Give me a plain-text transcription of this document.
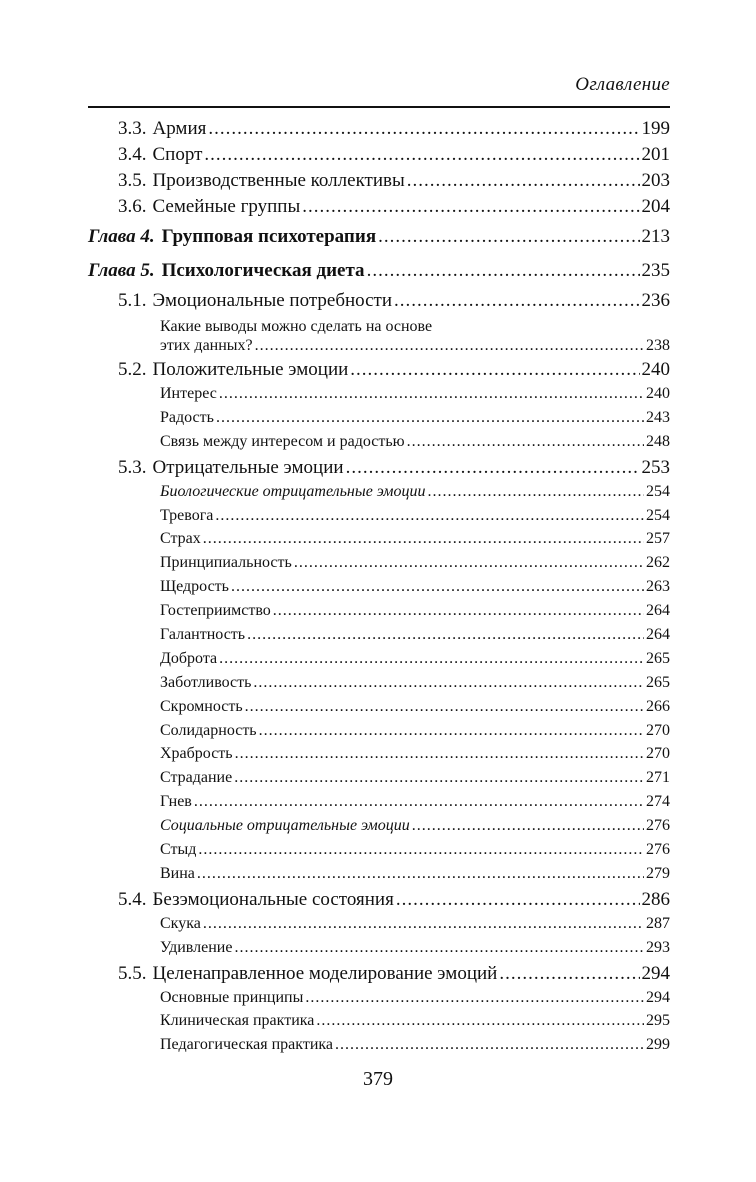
Оглавление
3.3. Армия .....	199
3.4. Спорт .....	201
3.5. Производственные коллективы .....	203
3.6. Семейные группы .....	204
Глава 4. Групповая психотерапия .....	213
Глава 5. Психологическая диета .....	235
5.1. Эмоциональные потребности .....	236
Какие выводы можно сделать на основе
этих данных? .....	238
5.2. Положительные эмоции .....	240
Интерес .....	240
Радость .....	243
Связь между интересом и радостью .....	248
5.3. Отрицательные эмоции .....	253
Биологические отрицательные эмоции .....	254
Тревога .....	254
Страх .....	257
Принципиальность .....	262
Щедрость .....	263
Гостеприимство .....	264
Галантность .....	264
Доброта .....	265
Заботливость .....	265
Скромность .....	266
Солидарность .....	270
Храбрость .....	270
Страдание .....	271
Гнев .....	274
Социальные отрицательные эмоции .....	276
Стыд .....	276
Вина .....	279
5.4. Безэмоциональные состояния .....	286
Скука .....	287
Удивление .....	293
5.5. Целенаправленное моделирование эмоций .....	294
Основные принципы .....	294
Клиническая практика .....	295
Педагогическая практика .....	299
379
